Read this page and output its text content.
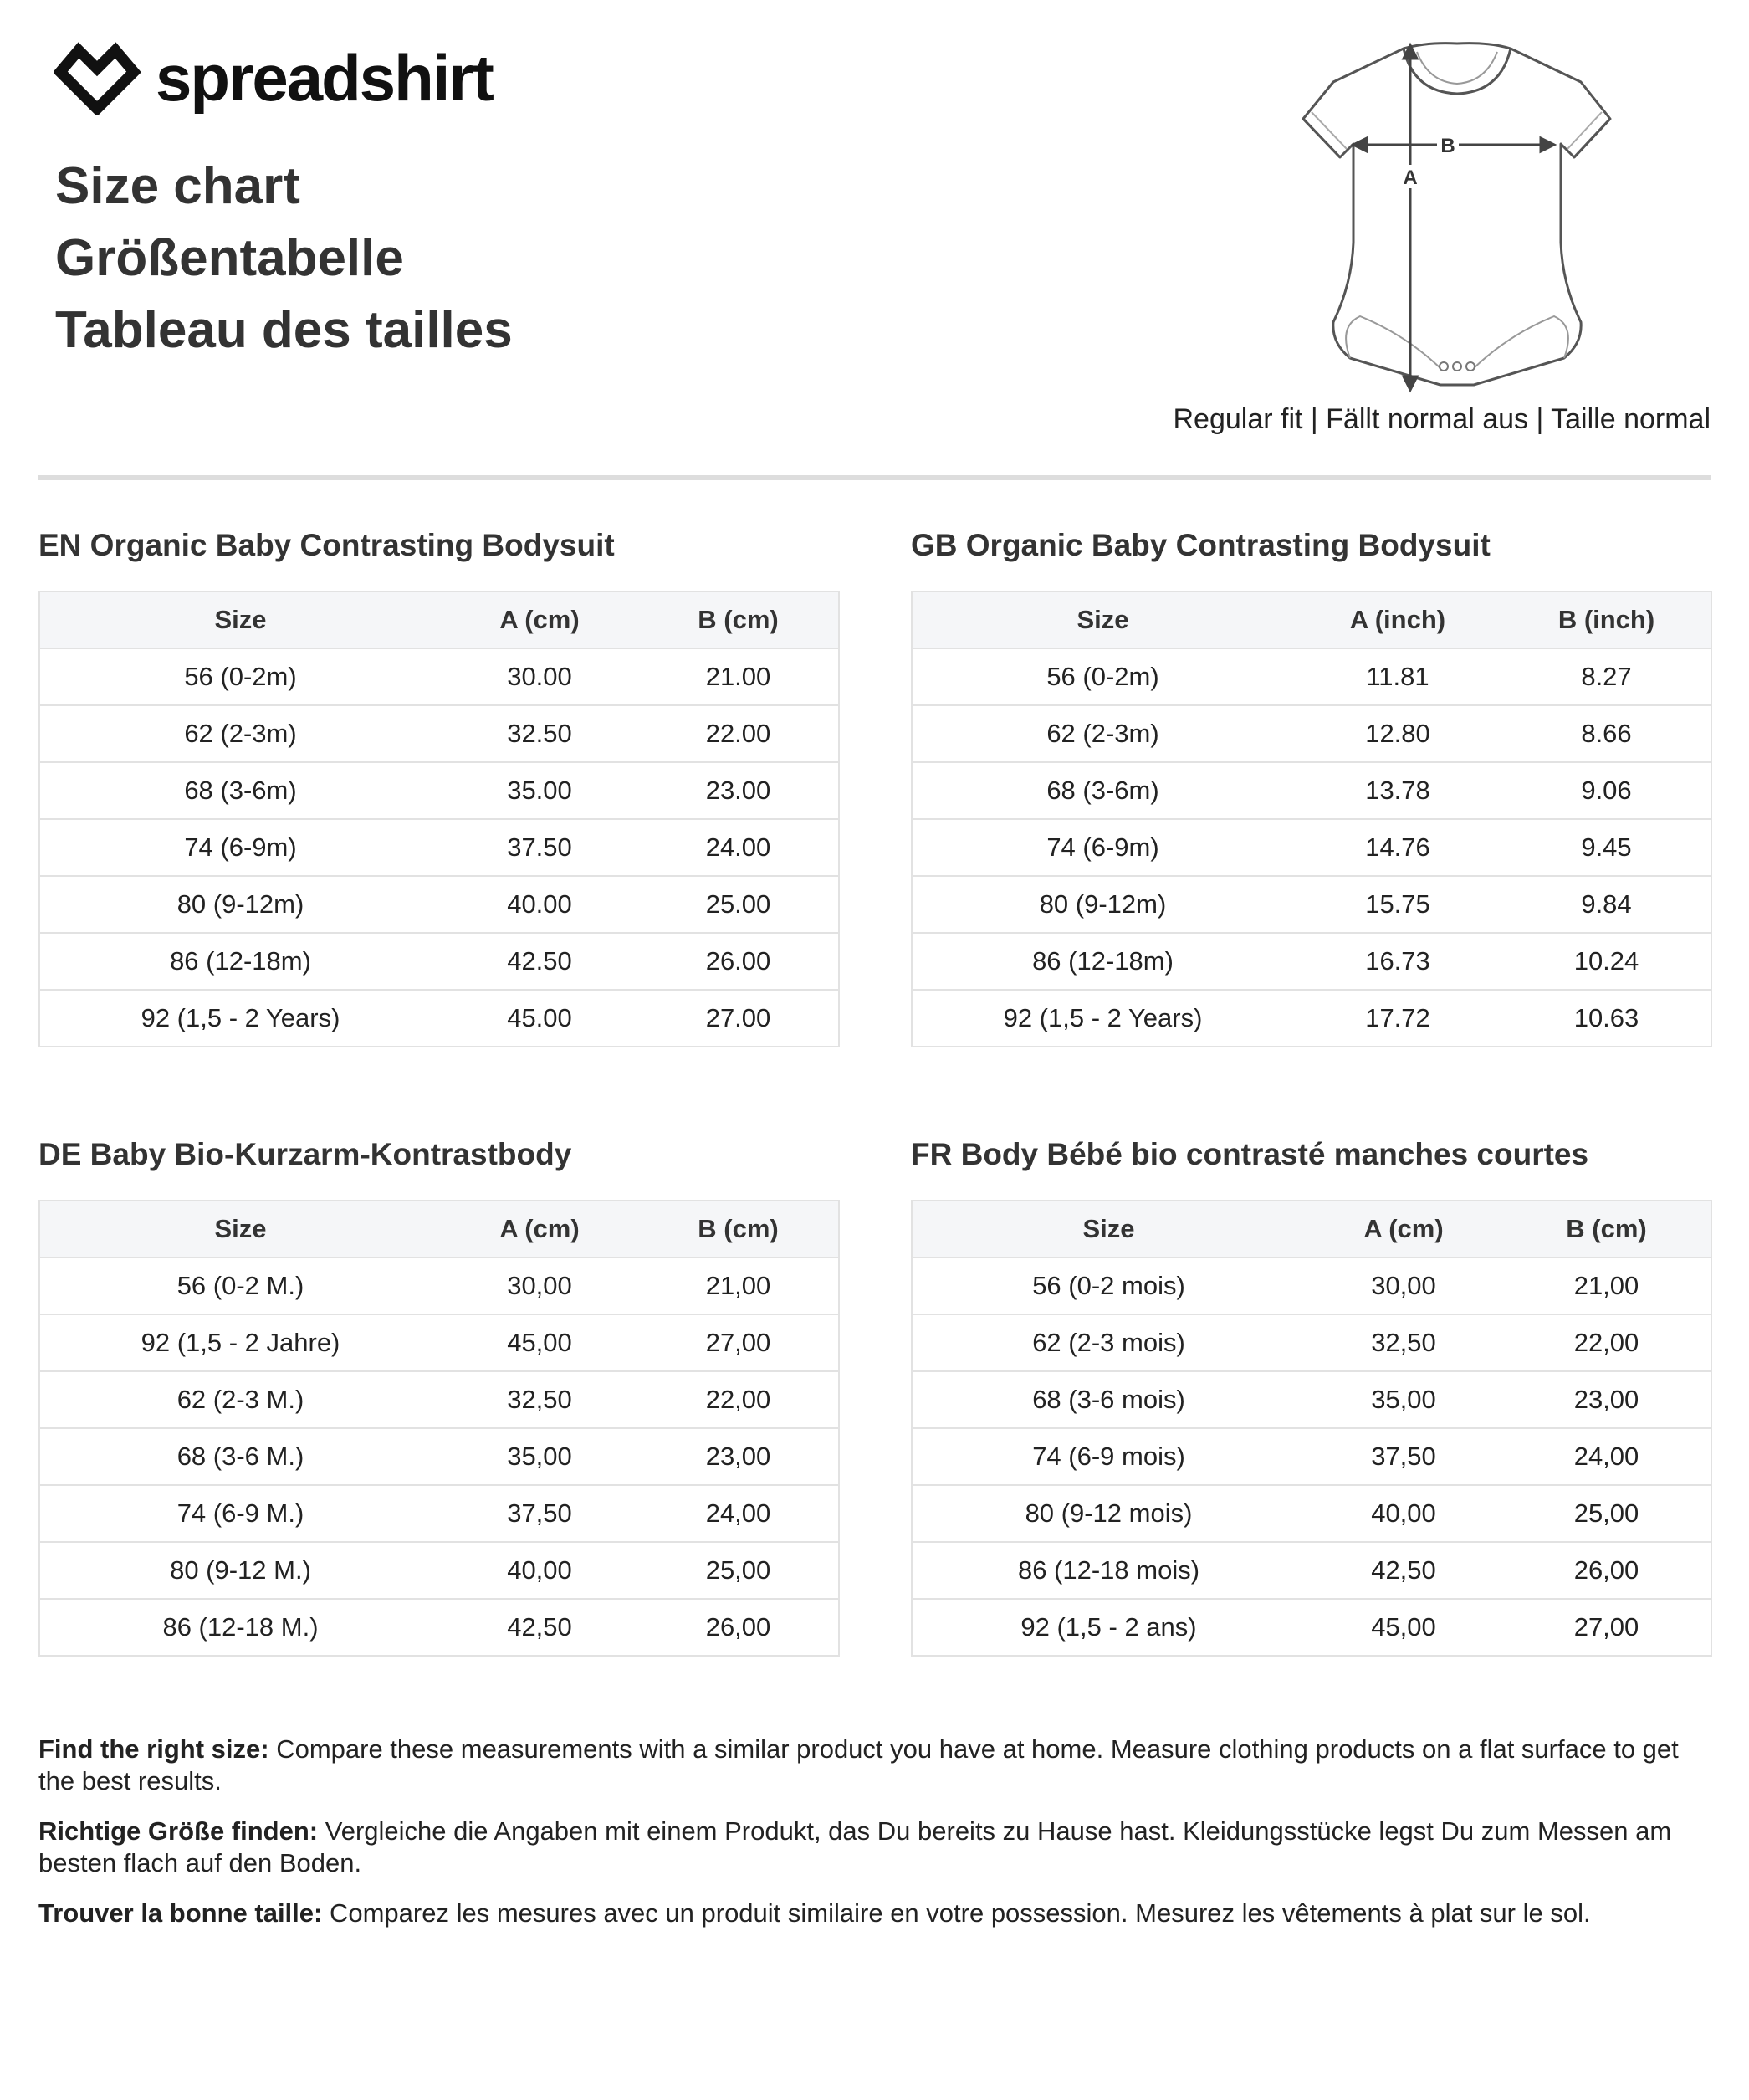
spreadshirt
Size chart
Größentabelle
Tableau des tailles
B
A
Regular fit | Fällt normal aus | Taille normal
EN Organic Baby Contrasting Bodysuit
Size	A (cm)	B (cm)
56 (0-2m)	30.00	21.00
62 (2-3m)	32.50	22.00
68 (3-6m)	35.00	23.00
74 (6-9m)	37.50	24.00
80 (9-12m)	40.00	25.00
86 (12-18m)	42.50	26.00
92 (1,5 - 2 Years)	45.00	27.00
GB Organic Baby Contrasting Bodysuit
Size	A (inch)	B (inch)
56 (0-2m)	11.81	8.27
62 (2-3m)	12.80	8.66
68 (3-6m)	13.78	9.06
74 (6-9m)	14.76	9.45
80 (9-12m)	15.75	9.84
86 (12-18m)	16.73	10.24
92 (1,5 - 2 Years)	17.72	10.63
DE Baby Bio-Kurzarm-Kontrastbody
Size	A (cm)	B (cm)
56 (0-2 M.)	30,00	21,00
92 (1,5 - 2 Jahre)	45,00	27,00
62 (2-3 M.)	32,50	22,00
68 (3-6 M.)	35,00	23,00
74 (6-9 M.)	37,50	24,00
80 (9-12 M.)	40,00	25,00
86 (12-18 M.)	42,50	26,00
FR Body Bébé bio contrasté manches courtes
Size	A (cm)	B (cm)
56 (0-2 mois)	30,00	21,00
62 (2-3 mois)	32,50	22,00
68 (3-6 mois)	35,00	23,00
74 (6-9 mois)	37,50	24,00
80 (9-12 mois)	40,00	25,00
86 (12-18 mois)	42,50	26,00
92 (1,5 - 2 ans)	45,00	27,00

Find the right size: Compare these measurements with a similar product you have at home. Measure clothing products on a flat surface to get the best results.

Richtige Größe finden: Vergleiche die Angaben mit einem Produkt, das Du bereits zu Hause hast. Kleidungsstücke legst Du zum Messen am besten flach auf den Boden.

Trouver la bonne taille: Comparez les mesures avec un produit similaire en votre possession. Mesurez les vêtements à plat sur le sol.
